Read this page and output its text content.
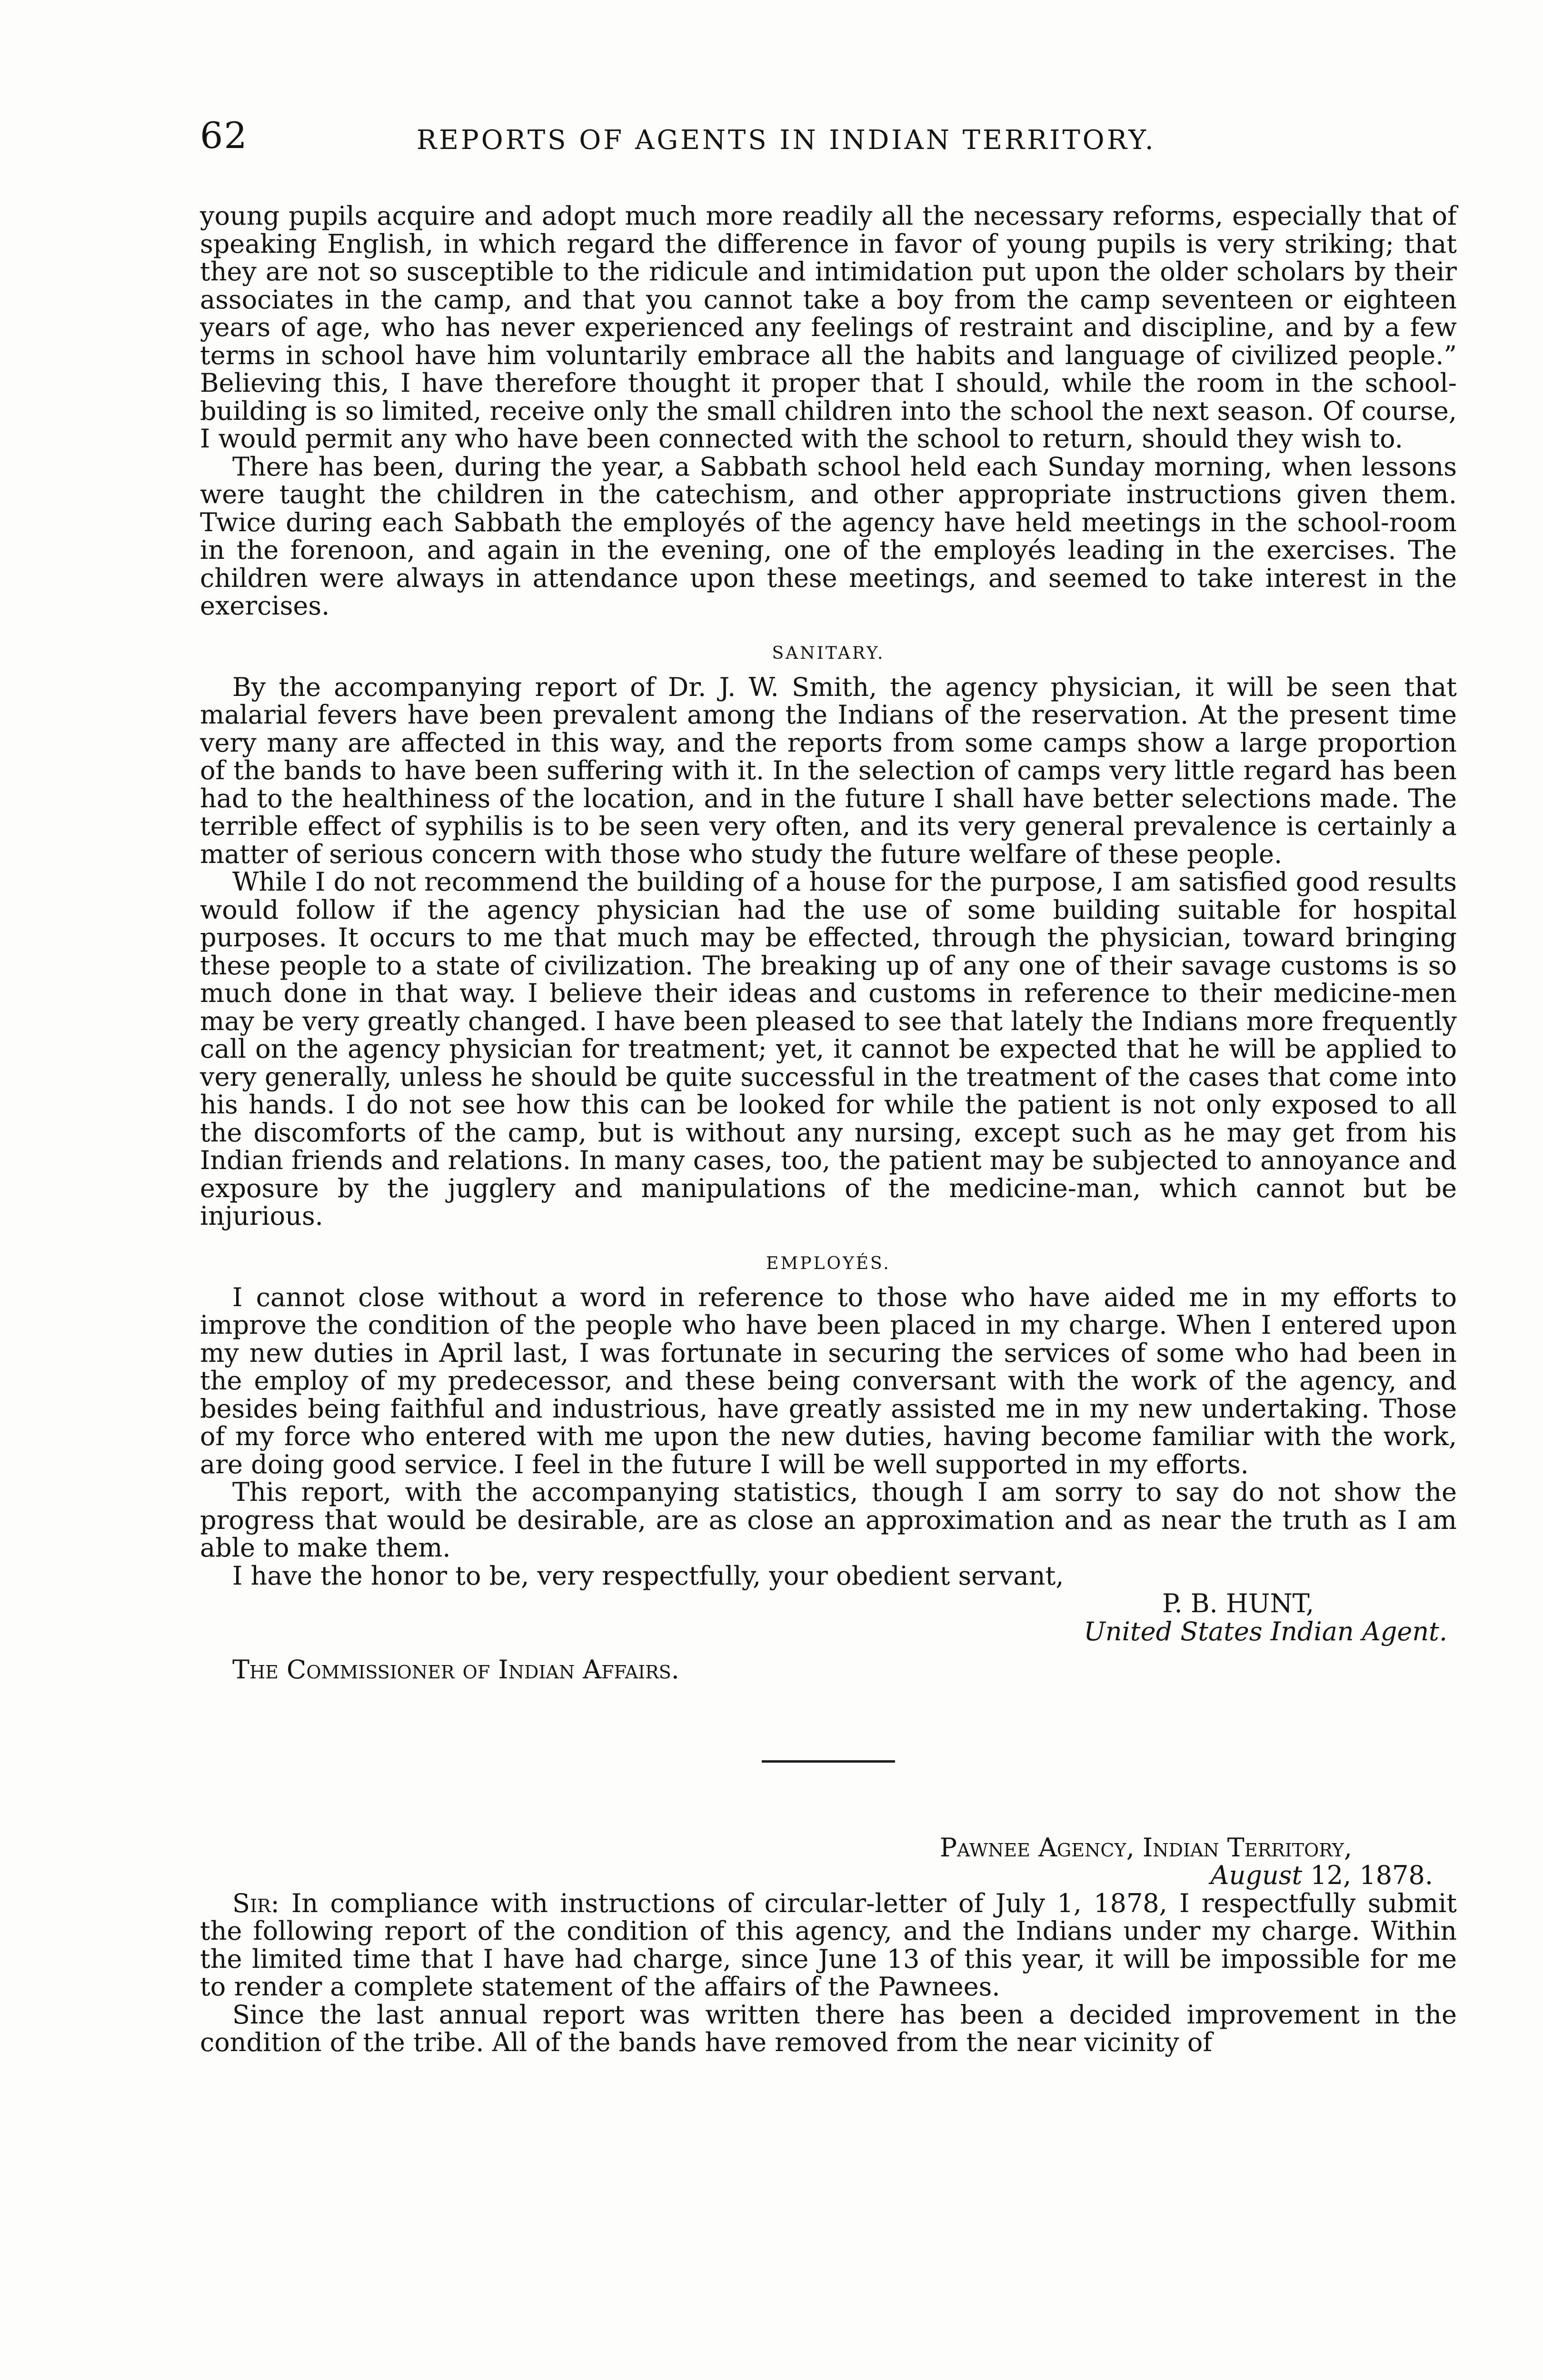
62	REPORTS OF AGENTS IN INDIAN TERRITORY.

young pupils acquire and adopt much more readily all the necessary reforms, especially that of speaking English, in which regard the difference in favor of young pupils is very striking; that they are not so susceptible to the ridicule and intimidation put upon the older scholars by their associates in the camp, and that you cannot take a boy from the camp seventeen or eighteen years of age, who has never experienced any feelings of restraint and discipline, and by a few terms in school have him voluntarily embrace all the habits and language of civilized people.” Believing this, I have therefore thought it proper that I should, while the room in the school-building is so limited, receive only the small children into the school the next season. Of course, I would permit any who have been connected with the school to return, should they wish to.

There has been, during the year, a Sabbath school held each Sunday morning, when lessons were taught the children in the catechism, and other appropriate instructions given them. Twice during each Sabbath the employés of the agency have held meetings in the school-room in the forenoon, and again in the evening, one of the employés leading in the exercises. The children were always in attendance upon these meetings, and seemed to take interest in the exercises.

SANITARY.

By the accompanying report of Dr. J. W. Smith, the agency physician, it will be seen that malarial fevers have been prevalent among the Indians of the reservation. At the present time very many are affected in this way, and the reports from some camps show a large proportion of the bands to have been suffering with it. In the selection of camps very little regard has been had to the healthiness of the location, and in the future I shall have better selections made. The terrible effect of syphilis is to be seen very often, and its very general prevalence is certainly a matter of serious concern with those who study the future welfare of these people.

While I do not recommend the building of a house for the purpose, I am satisfied good results would follow if the agency physician had the use of some building suitable for hospital purposes. It occurs to me that much may be effected, through the physician, toward bringing these people to a state of civilization. The breaking up of any one of their savage customs is so much done in that way. I believe their ideas and customs in reference to their medicine-men may be very greatly changed. I have been pleased to see that lately the Indians more frequently call on the agency physician for treatment; yet, it cannot be expected that he will be applied to very generally, unless he should be quite successful in the treatment of the cases that come into his hands. I do not see how this can be looked for while the patient is not only exposed to all the discomforts of the camp, but is without any nursing, except such as he may get from his Indian friends and relations. In many cases, too, the patient may be subjected to annoyance and exposure by the jugglery and manipulations of the medicine-man, which cannot but be injurious.

EMPLOYÉS.

I cannot close without a word in reference to those who have aided me in my efforts to improve the condition of the people who have been placed in my charge. When I entered upon my new duties in April last, I was fortunate in securing the services of some who had been in the employ of my predecessor, and these being conversant with the work of the agency, and besides being faithful and industrious, have greatly assisted me in my new undertaking. Those of my force who entered with me upon the new duties, having become familiar with the work, are doing good service. I feel in the future I will be well supported in my efforts.

This report, with the accompanying statistics, though I am sorry to say do not show the progress that would be desirable, are as close an approximation and as near the truth as I am able to make them.

I have the honor to be, very respectfully, your obedient servant,

P. B. HUNT,
United States Indian Agent.
The Commissioner of Indian Affairs.
Pawnee Agency, Indian Territory,
August 12, 1878.

Sir: In compliance with instructions of circular-letter of July 1, 1878, I respectfully submit the following report of the condition of this agency, and the Indians under my charge. Within the limited time that I have had charge, since June 13 of this year, it will be impossible for me to render a complete statement of the affairs of the Pawnees.

Since the last annual report was written there has been a decided improvement in the condition of the tribe. All of the bands have removed from the near vicinity of
